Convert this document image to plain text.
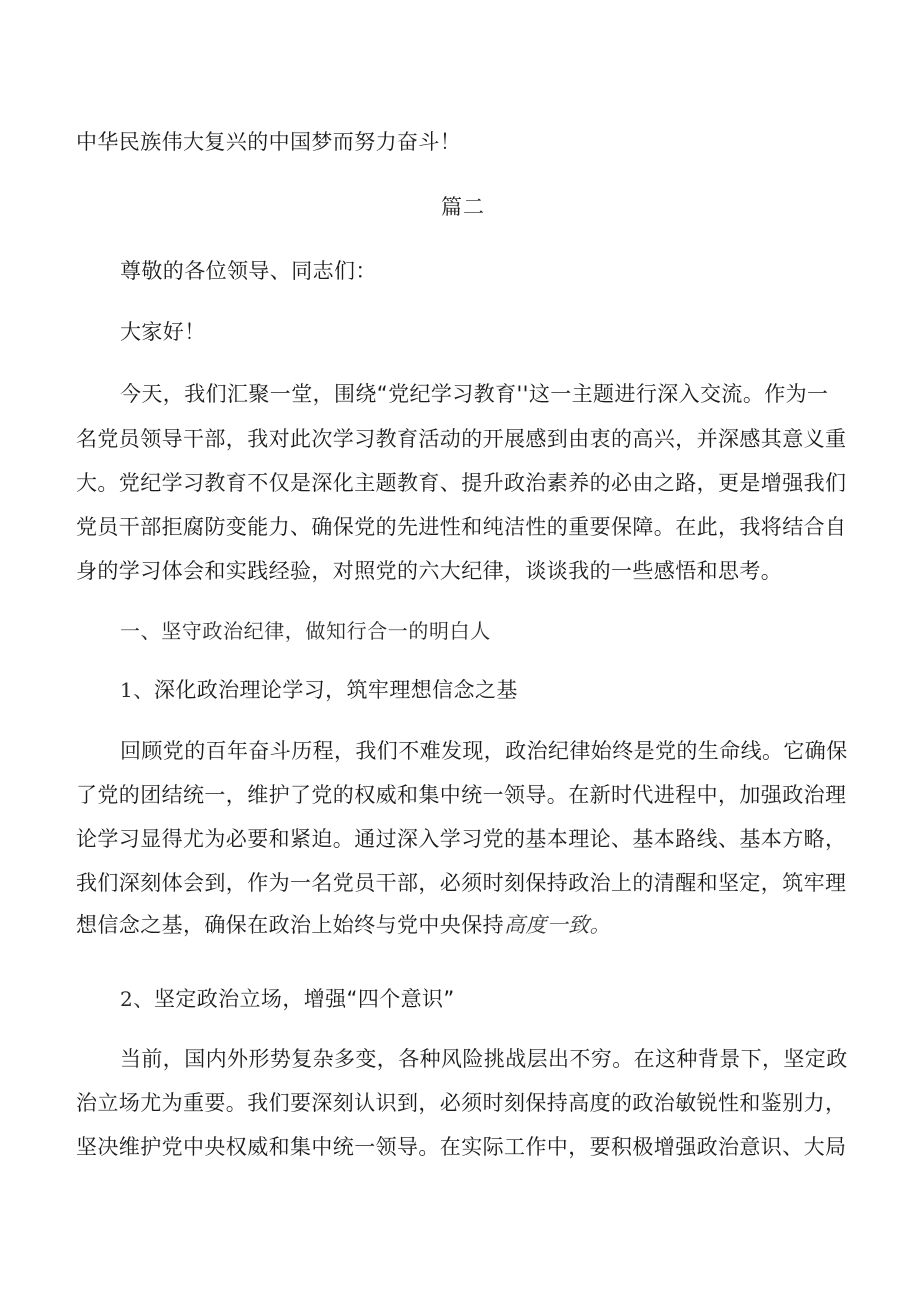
中华民族伟大复兴的中国梦而努力奋斗！
篇二
尊敬的各位领导、同志们：
大家好！
今天，我们汇聚一堂，围绕“党纪学习教育''这一主题进行深入交流。作为一
名党员领导干部，我对此次学习教育活动的开展感到由衷的高兴，并深感其意义重
大。党纪学习教育不仅是深化主题教育、提升政治素养的必由之路，更是增强我们
党员干部拒腐防变能力、确保党的先进性和纯洁性的重要保障。在此，我将结合自
身的学习体会和实践经验，对照党的六大纪律，谈谈我的一些感悟和思考。
一、坚守政治纪律，做知行合一的明白人
1、深化政治理论学习，筑牢理想信念之基
回顾党的百年奋斗历程，我们不难发现，政治纪律始终是党的生命线。它确保
了党的团结统一，维护了党的权威和集中统一领导。在新时代进程中，加强政治理
论学习显得尤为必要和紧迫。通过深入学习党的基本理论、基本路线、基本方略，
我们深刻体会到，作为一名党员干部，必须时刻保持政治上的清醒和坚定，筑牢理
想信念之基，确保在政治上始终与党中央保持高度一致。
2、坚定政治立场，增强“四个意识”
当前，国内外形势复杂多变，各种风险挑战层出不穷。在这种背景下，坚定政
治立场尤为重要。我们要深刻认识到，必须时刻保持高度的政治敏锐性和鉴别力，
坚决维护党中央权威和集中统一领导。在实际工作中，要积极增强政治意识、大局
